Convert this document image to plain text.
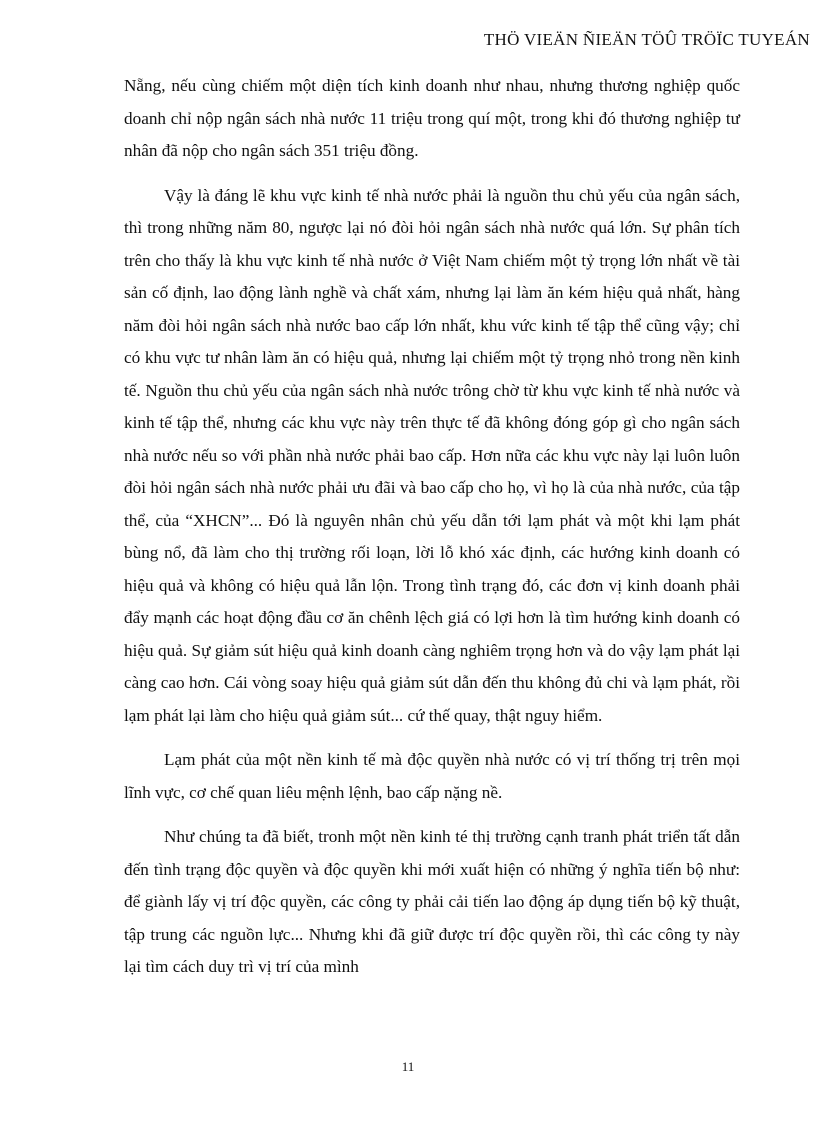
THÖ VIEÄN ÑIEÄN TÖÛ TRÖÏC TUYEÁN

Nẵng, nếu cùng chiếm một diện tích kinh doanh như nhau, nhưng thương nghiệp quốc doanh chỉ nộp ngân sách nhà nước 11 triệu trong quí một, trong khi đó thương nghiệp tư nhân đã nộp cho ngân sách 351 triệu đồng.

Vậy là đáng lẽ khu vực kinh tế nhà nước phải là nguồn thu chủ yếu của ngân sách, thì trong những năm 80, ngược lại nó đòi hỏi ngân sách nhà nước quá lớn. Sự phân tích trên cho thấy là khu vực kinh tế nhà nước ở Việt Nam chiếm một tỷ trọng lớn nhất về tài sản cố định, lao động lành nghề và chất xám, nhưng lại làm ăn kém hiệu quả nhất, hàng năm đòi hỏi ngân sách nhà nước bao cấp lớn nhất, khu vức kinh tế tập thể cũng vậy; chỉ có khu vực tư nhân làm ăn có hiệu quả, nhưng lại chiếm một tỷ trọng nhỏ trong nền kinh tế. Nguồn thu chủ yếu của ngân sách nhà nước trông chờ từ khu vực kinh tế nhà nước và kinh tế tập thể, nhưng các khu vực này trên thực tế đã không đóng góp gì cho ngân sách nhà nước nếu so với phần nhà nước phải bao cấp. Hơn nữa các khu vực này lại luôn luôn đòi hỏi ngân sách nhà nước phải ưu đãi và bao cấp cho họ, vì họ là của nhà nước, của tập thể, của “XHCN”... Đó là nguyên nhân chủ yếu dẫn tới lạm phát và một khi lạm phát bùng nổ, đã làm cho thị trường rối loạn, lời lỗ khó xác định, các hướng kinh doanh có hiệu quả và không có hiệu quả lẫn lộn. Trong tình trạng đó, các đơn vị kinh doanh phải đẩy mạnh các hoạt động đầu cơ ăn chênh lệch giá có lợi hơn là tìm hướng kinh doanh có hiệu quả. Sự giảm sút hiệu quả kinh doanh càng nghiêm trọng hơn và do vậy lạm phát lại càng cao hơn. Cái vòng soay hiệu quả giảm sút dẫn đến thu không đủ chi và lạm phát, rồi lạm phát lại làm cho hiệu quả giảm sút... cứ thế quay, thật nguy hiểm.

Lạm phát của một nền kinh tế mà độc quyền nhà nước có vị trí thống trị trên mọi lĩnh vực, cơ chế quan liêu mệnh lệnh, bao cấp nặng nề.

Như chúng ta đã biết, tronh một nền kinh té thị trường cạnh tranh phát triển tất dẫn đến tình trạng độc quyền và độc quyền khi mới xuất hiện có những ý nghĩa tiến bộ như: để giành lấy vị trí độc quyền, các công ty phải cải tiến lao động áp dụng tiến bộ kỹ thuật, tập trung các nguồn lực... Nhưng khi đã giữ được trí độc quyền rồi, thì các công ty này lại tìm cách duy trì vị trí của mình

11
